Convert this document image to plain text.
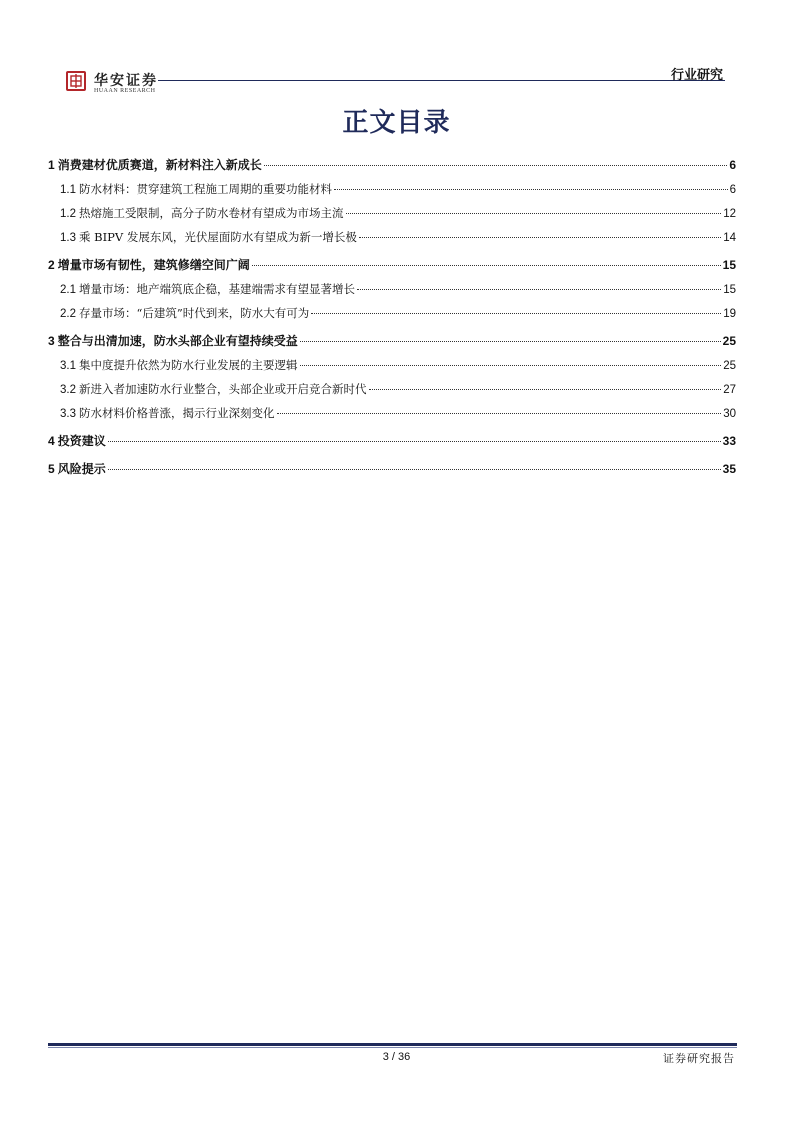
华安证券
HUAAN RESEARCH
行业研究
正文目录
1 消费建材优质赛道，新材料注入新成长	6
1.1 防水材料：贯穿建筑工程施工周期的重要功能材料	6
1.2 热熔施工受限制，高分子防水卷材有望成为市场主流	12
1.3 乘 BIPV 发展东风，光伏屋面防水有望成为新一增长极	14
2 增量市场有韧性，建筑修缮空间广阔	15
2.1 增量市场：地产端筑底企稳，基建端需求有望显著增长	15
2.2 存量市场：“后建筑”时代到来，防水大有可为	19
3 整合与出清加速，防水头部企业有望持续受益	25
3.1 集中度提升依然为防水行业发展的主要逻辑	25
3.2 新进入者加速防水行业整合，头部企业或开启竞合新时代	27
3.3 防水材料价格普涨，揭示行业深刻变化	30
4 投资建议	33
5 风险提示	35
3 / 36	证券研究报告
